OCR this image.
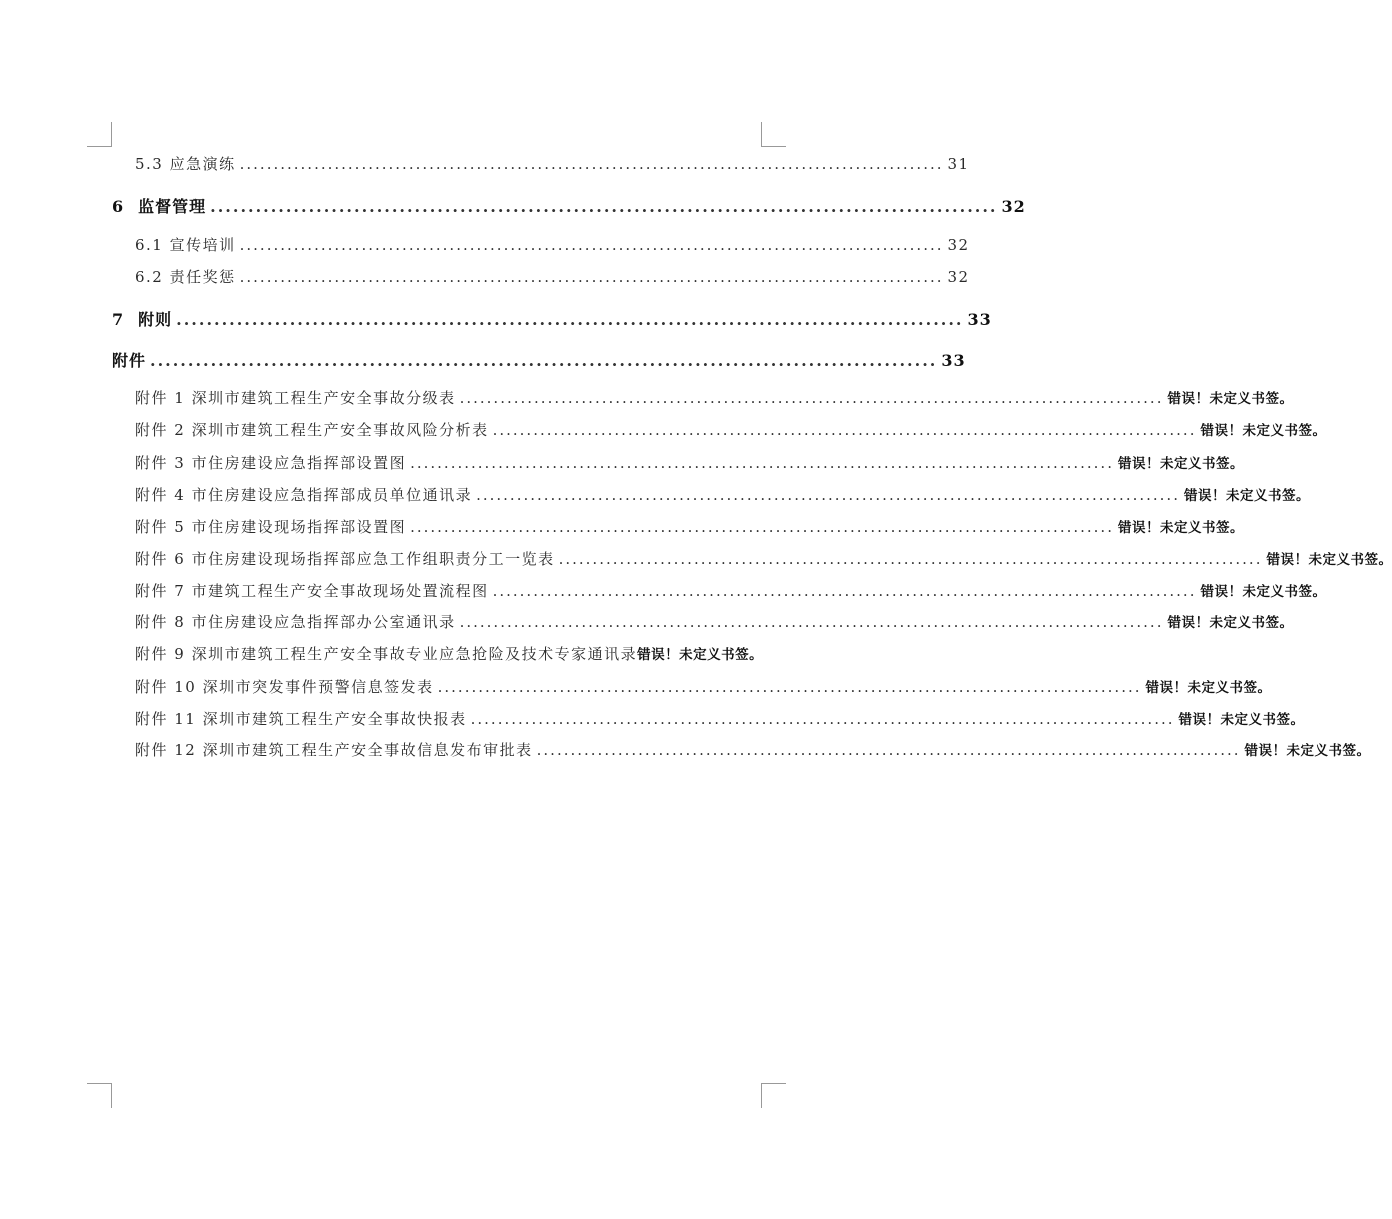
5.3 应急演练 ........................................................................................................ 31
6 监督管理 ........................................................................................................ 32
6.1 宣传培训 ........................................................................................................ 32
6.2 责任奖惩 ........................................................................................................ 32
7 附则 ........................................................................................................ 33
附件 ........................................................................................................ 33
附件 1 深圳市建筑工程生产安全事故分级表 ........................................................................................................ 错误！未定义书签。
附件 2 深圳市建筑工程生产安全事故风险分析表 ........................................................................................................ 错误！未定义书签。
附件 3 市住房建设应急指挥部设置图 ........................................................................................................ 错误！未定义书签。
附件 4 市住房建设应急指挥部成员单位通讯录 ........................................................................................................ 错误！未定义书签。
附件 5 市住房建设现场指挥部设置图 ........................................................................................................ 错误！未定义书签。
附件 6 市住房建设现场指挥部应急工作组职责分工一览表 ........................................................................................................ 错误！未定义书签。
附件 7 市建筑工程生产安全事故现场处置流程图 ........................................................................................................ 错误！未定义书签。
附件 8 市住房建设应急指挥部办公室通讯录 ........................................................................................................ 错误！未定义书签。
附件 9 深圳市建筑工程生产安全事故专业应急抢险及技术专家通讯录 错误！未定义书签。
附件 10 深圳市突发事件预警信息签发表 ........................................................................................................ 错误！未定义书签。
附件 11 深圳市建筑工程生产安全事故快报表 ........................................................................................................ 错误！未定义书签。
附件 12 深圳市建筑工程生产安全事故信息发布审批表 ........................................................................................................ 错误！未定义书签。
